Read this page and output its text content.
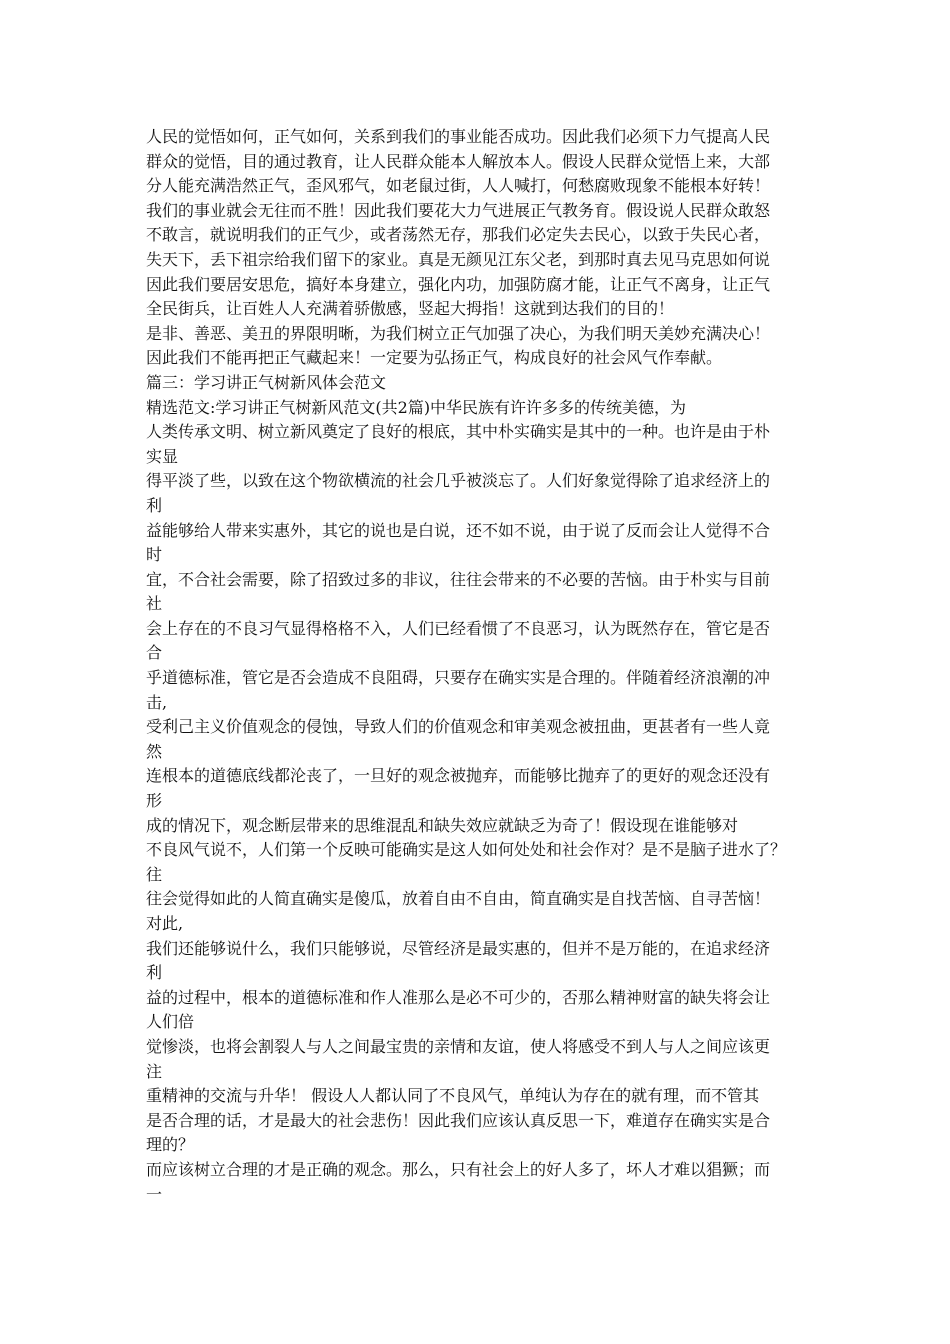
人民的觉悟如何，正气如何，关系到我们的事业能否成功。因此我们必须下力气提高人民
群众的觉悟，目的通过教育，让人民群众能本人解放本人。假设人民群众觉悟上来，大部
分人能充满浩然正气，歪风邪气，如老鼠过街，人人喊打，何愁腐败现象不能根本好转！
我们的事业就会无往而不胜！因此我们要花大力气进展正气教务育。假设说人民群众敢怒
不敢言，就说明我们的正气少，或者荡然无存，那我们必定失去民心，以致于失民心者，
失天下，丢下祖宗给我们留下的家业。真是无颜见江东父老，到那时真去见马克思如何说
因此我们要居安思危，搞好本身建立，强化内功，加强防腐才能，让正气不离身，让正气
全民街兵，让百姓人人充满着骄傲感，竖起大拇指！这就到达我们的目的！
是非、善恶、美丑的界限明晰，为我们树立正气加强了决心，为我们明天美妙充满决心！
因此我们不能再把正气藏起来！一定要为弘扬正气，构成良好的社会风气作奉献。
篇三：学习讲正气树新风体会范文
精选范文:学习讲正气树新风范文(共2篇)中华民族有许许多多的传统美德，为
人类传承文明、树立新风奠定了良好的根底，其中朴实确实是其中的一种。也许是由于朴
实显
得平淡了些，以致在这个物欲横流的社会几乎被淡忘了。人们好象觉得除了追求经济上的
利
益能够给人带来实惠外，其它的说也是白说，还不如不说，由于说了反而会让人觉得不合
时
宜，不合社会需要，除了招致过多的非议，往往会带来的不必要的苦恼。由于朴实与目前
社
会上存在的不良习气显得格格不入，人们已经看惯了不良恶习，认为既然存在，管它是否
合
乎道德标准，管它是否会造成不良阻碍，只要存在确实实是合理的。伴随着经济浪潮的冲
击,
受利己主义价值观念的侵蚀，导致人们的价值观念和审美观念被扭曲，更甚者有一些人竟
然
连根本的道德底线都沦丧了，一旦好的观念被抛弃，而能够比抛弃了的更好的观念还没有
形
成的情况下，观念断层带来的思维混乱和缺失效应就缺乏为奇了！假设现在谁能够对
不良风气说不，人们第一个反映可能确实是这人如何处处和社会作对？是不是脑子进水了？
往
往会觉得如此的人简直确实是傻瓜，放着自由不自由，简直确实是自找苦恼、自寻苦恼！
对此,
我们还能够说什么，我们只能够说，尽管经济是最实惠的，但并不是万能的，在追求经济
利
益的过程中，根本的道德标准和作人准那么是必不可少的，否那么精神财富的缺失将会让
人们倍
觉惨淡，也将会割裂人与人之间最宝贵的亲情和友谊，使人将感受不到人与人之间应该更
注
重精神的交流与升华！ 假设人人都认同了不良风气，单纯认为存在的就有理，而不管其
是否合理的话，才是最大的社会悲伤！因此我们应该认真反思一下，难道存在确实实是合
理的？
而应该树立合理的才是正确的观念。那么，只有社会上的好人多了，坏人才难以猖獗；而
一
